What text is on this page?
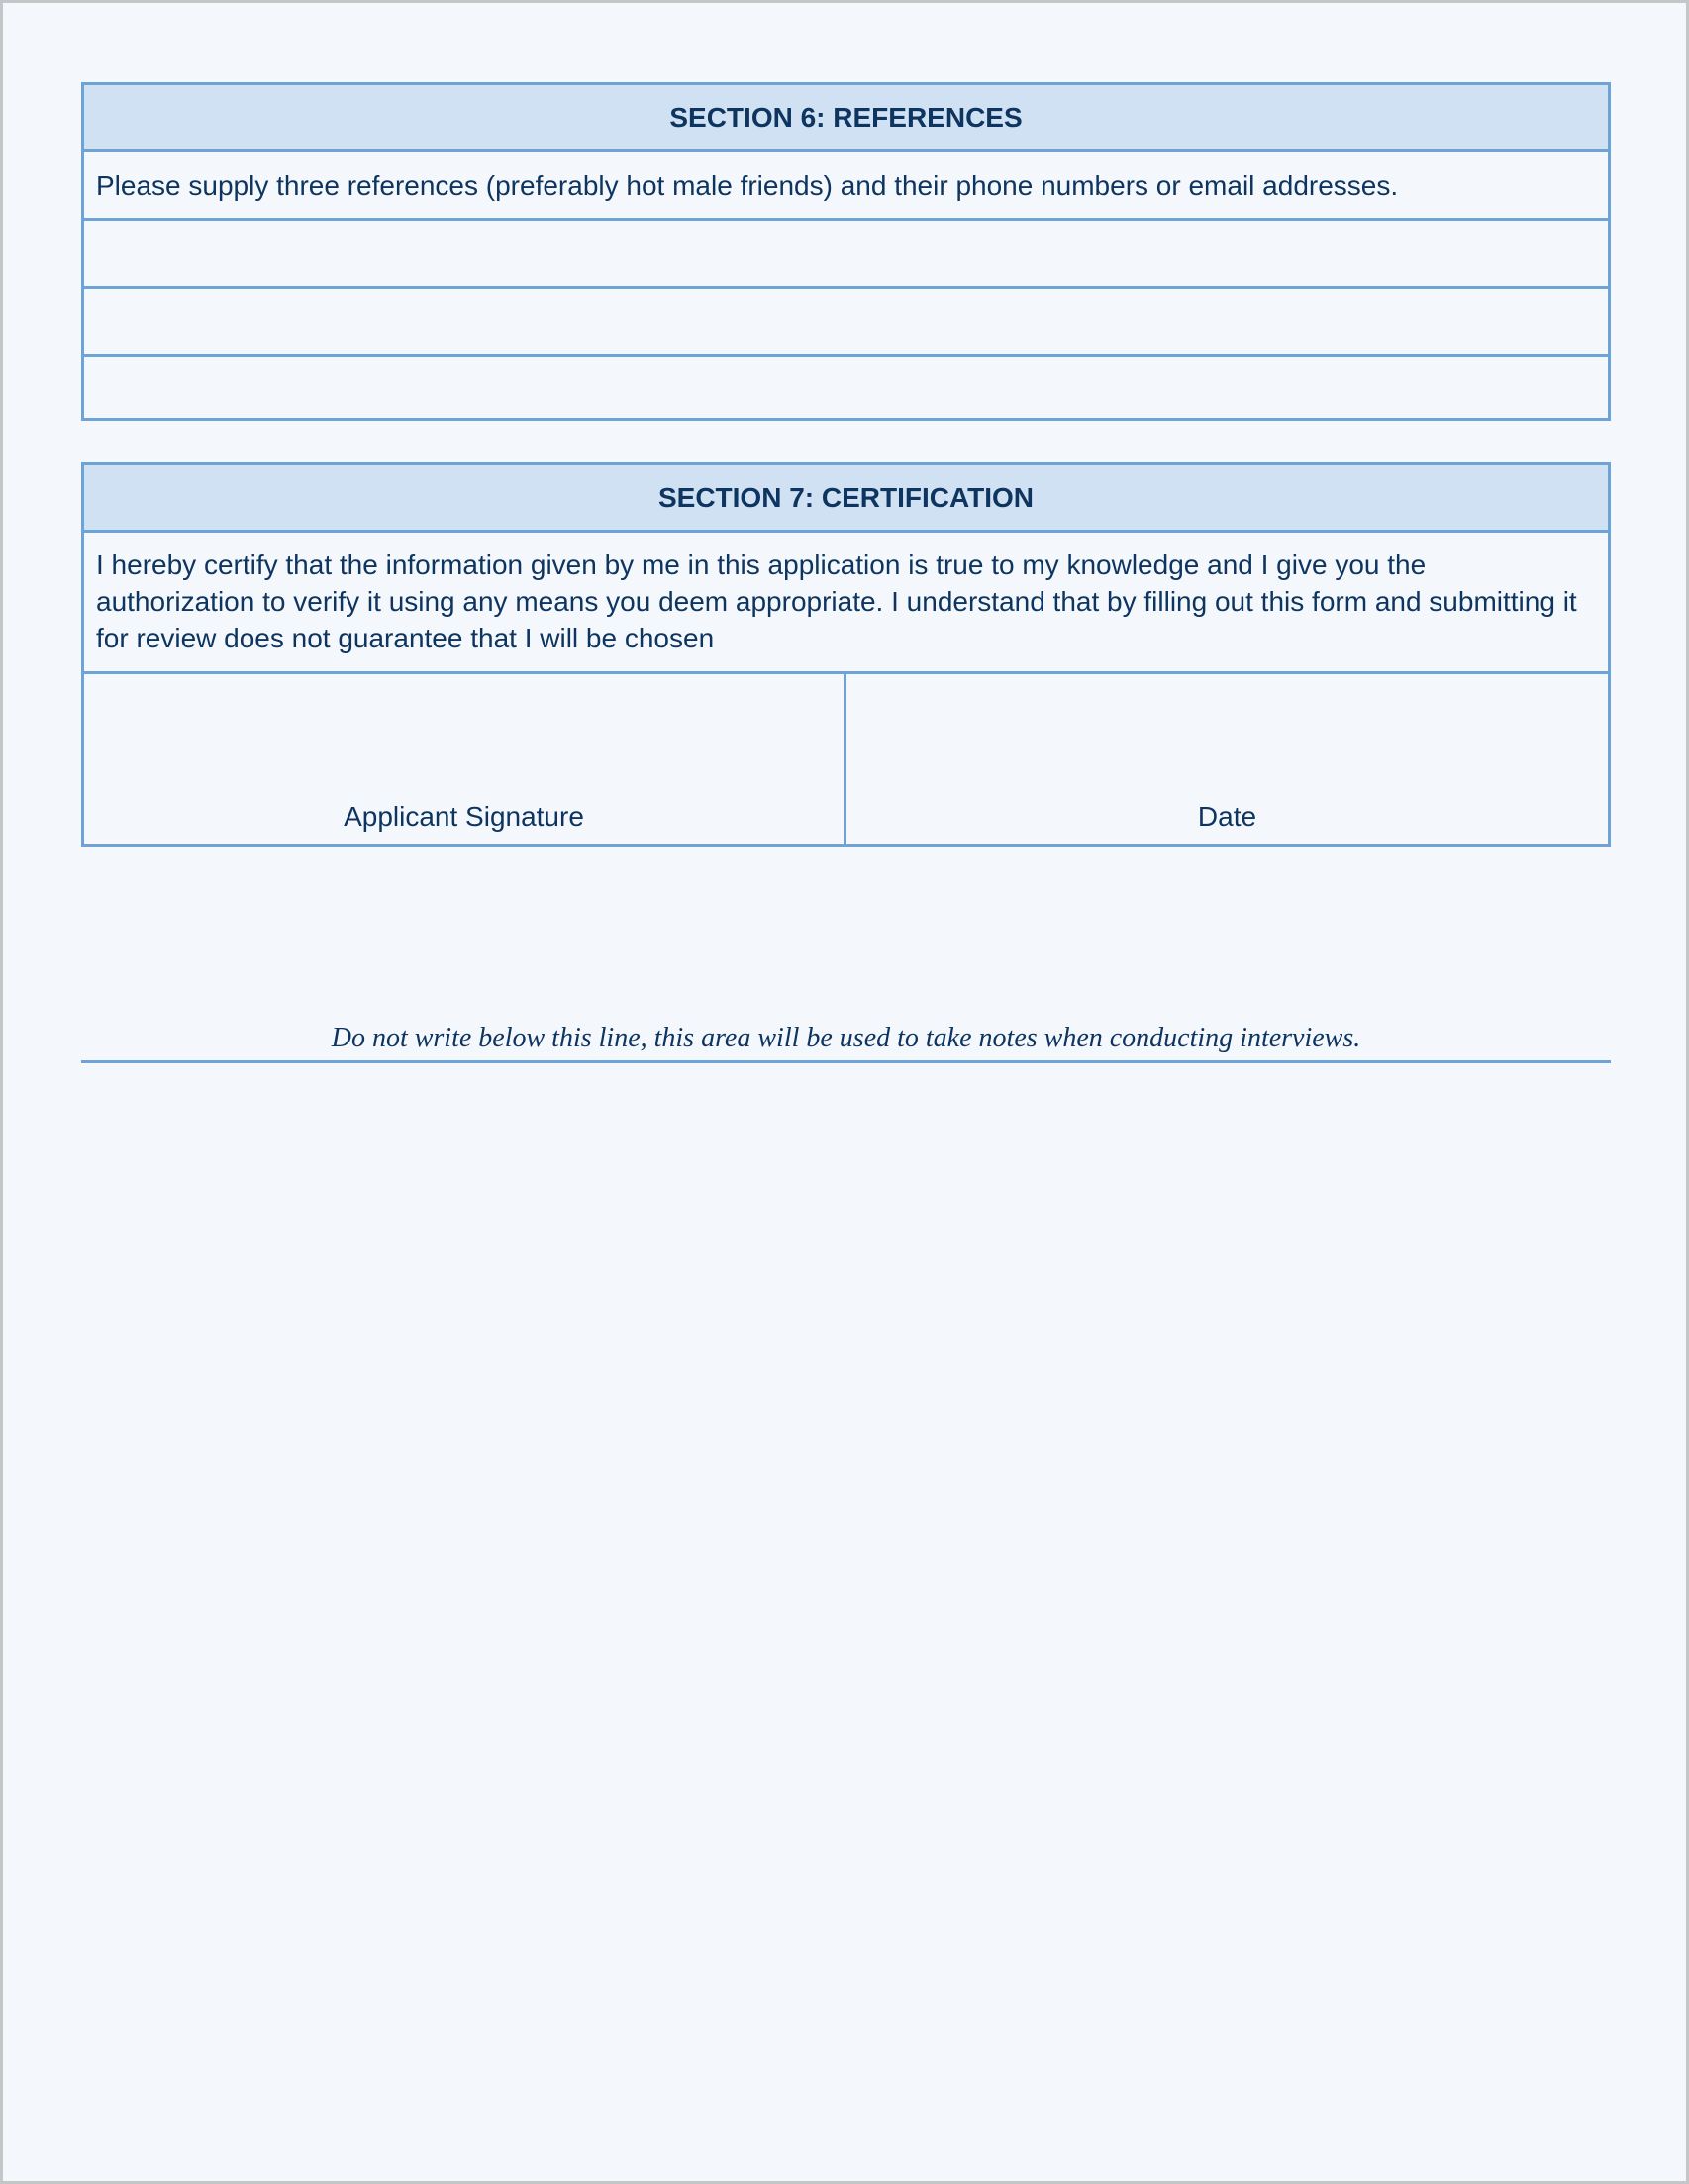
SECTION 6: REFERENCES
Please supply three references (preferably hot male friends) and their phone numbers or email addresses.
SECTION 7: CERTIFICATION
I hereby certify that the information given by me in this application is true to my knowledge and I give you the authorization to verify it using any means you deem appropriate. I understand that by filling out this form and submitting it for review does not guarantee that I will be chosen
Applicant Signature	Date
Do not write below this line, this area will be used to take notes when conducting interviews.
